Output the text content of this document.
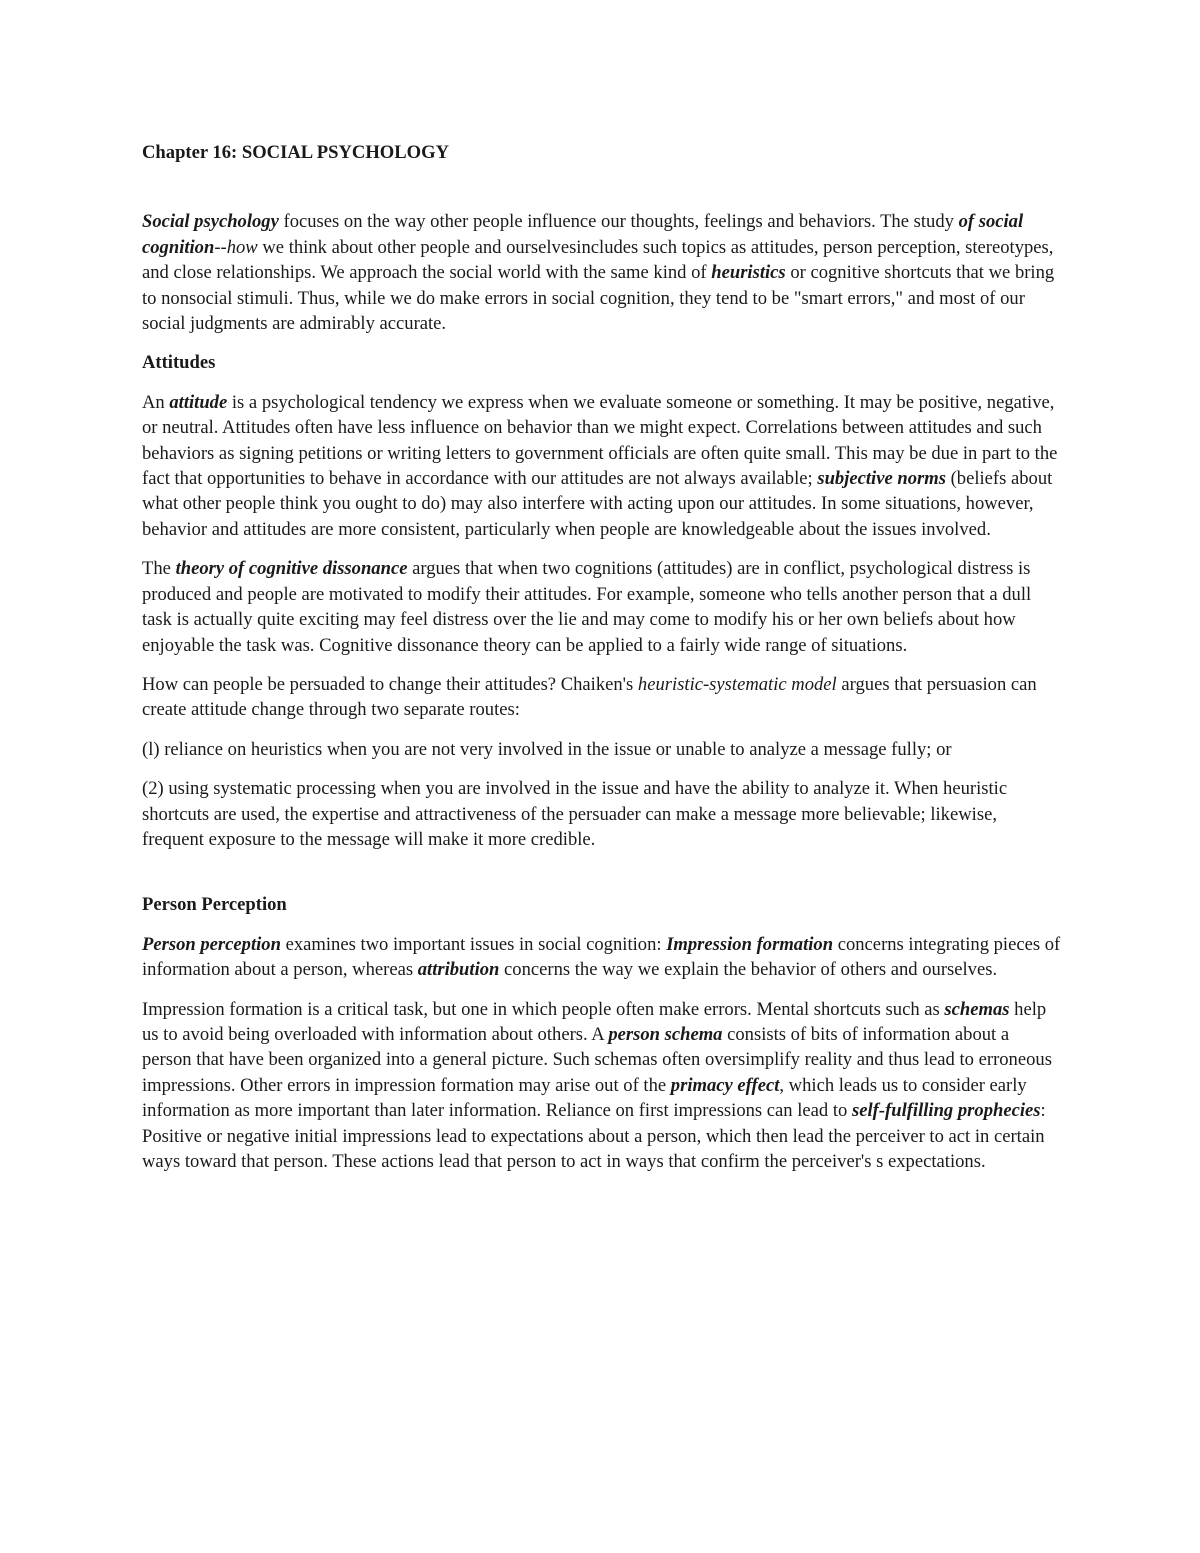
Chapter 16: SOCIAL PSYCHOLOGY

Social psychology focuses on the way other people influence our thoughts, feelings and behaviors. The study of social cognition--how we think about other people and ourselvesincludes such topics as attitudes, person perception, stereotypes, and close relationships. We approach the social world with the same kind of heuristics or cognitive shortcuts that we bring to nonsocial stimuli. Thus, while we do make errors in social cognition, they tend to be "smart errors," and most of our social judgments are admirably accurate.

Attitudes

An attitude is a psychological tendency we express when we evaluate someone or something. It may be positive, negative, or neutral. Attitudes often have less influence on behavior than we might expect. Correlations between attitudes and such behaviors as signing petitions or writing letters to government officials are often quite small. This may be due in part to the fact that opportunities to behave in accordance with our attitudes are not always available; subjective norms (beliefs about what other people think you ought to do) may also interfere with acting upon our attitudes. In some situations, however, behavior and attitudes are more consistent, particularly when people are knowledgeable about the issues involved.

The theory of cognitive dissonance argues that when two cognitions (attitudes) are in conflict, psychological distress is produced and people are motivated to modify their attitudes. For example, someone who tells another person that a dull task is actually quite exciting may feel distress over the lie and may come to modify his or her own beliefs about how enjoyable the task was. Cognitive dissonance theory can be applied to a fairly wide range of situations.

How can people be persuaded to change their attitudes? Chaiken's heuristic-systematic model argues that persuasion can create attitude change through two separate routes:

(l) reliance on heuristics when you are not very involved in the issue or unable to analyze a message fully; or

(2) using systematic processing when you are involved in the issue and have the ability to analyze it. When heuristic shortcuts are used, the expertise and attractiveness of the persuader can make a message more believable; likewise, frequent exposure to the message will make it more credible.

Person Perception

Person perception examines two important issues in social cognition: Impression formation concerns integrating pieces of information about a person, whereas attribution concerns the way we explain the behavior of others and ourselves.

Impression formation is a critical task, but one in which people often make errors. Mental shortcuts such as schemas help us to avoid being overloaded with information about others. A person schema consists of bits of information about a person that have been organized into a general picture. Such schemas often oversimplify reality and thus lead to erroneous impressions. Other errors in impression formation may arise out of the primacy effect, which leads us to consider early information as more important than later information. Reliance on first impressions can lead to self-fulfilling prophecies: Positive or negative initial impressions lead to expectations about a person, which then lead the perceiver to act in certain ways toward that person. These actions lead that person to act in ways that confirm the perceiver's s expectations.
